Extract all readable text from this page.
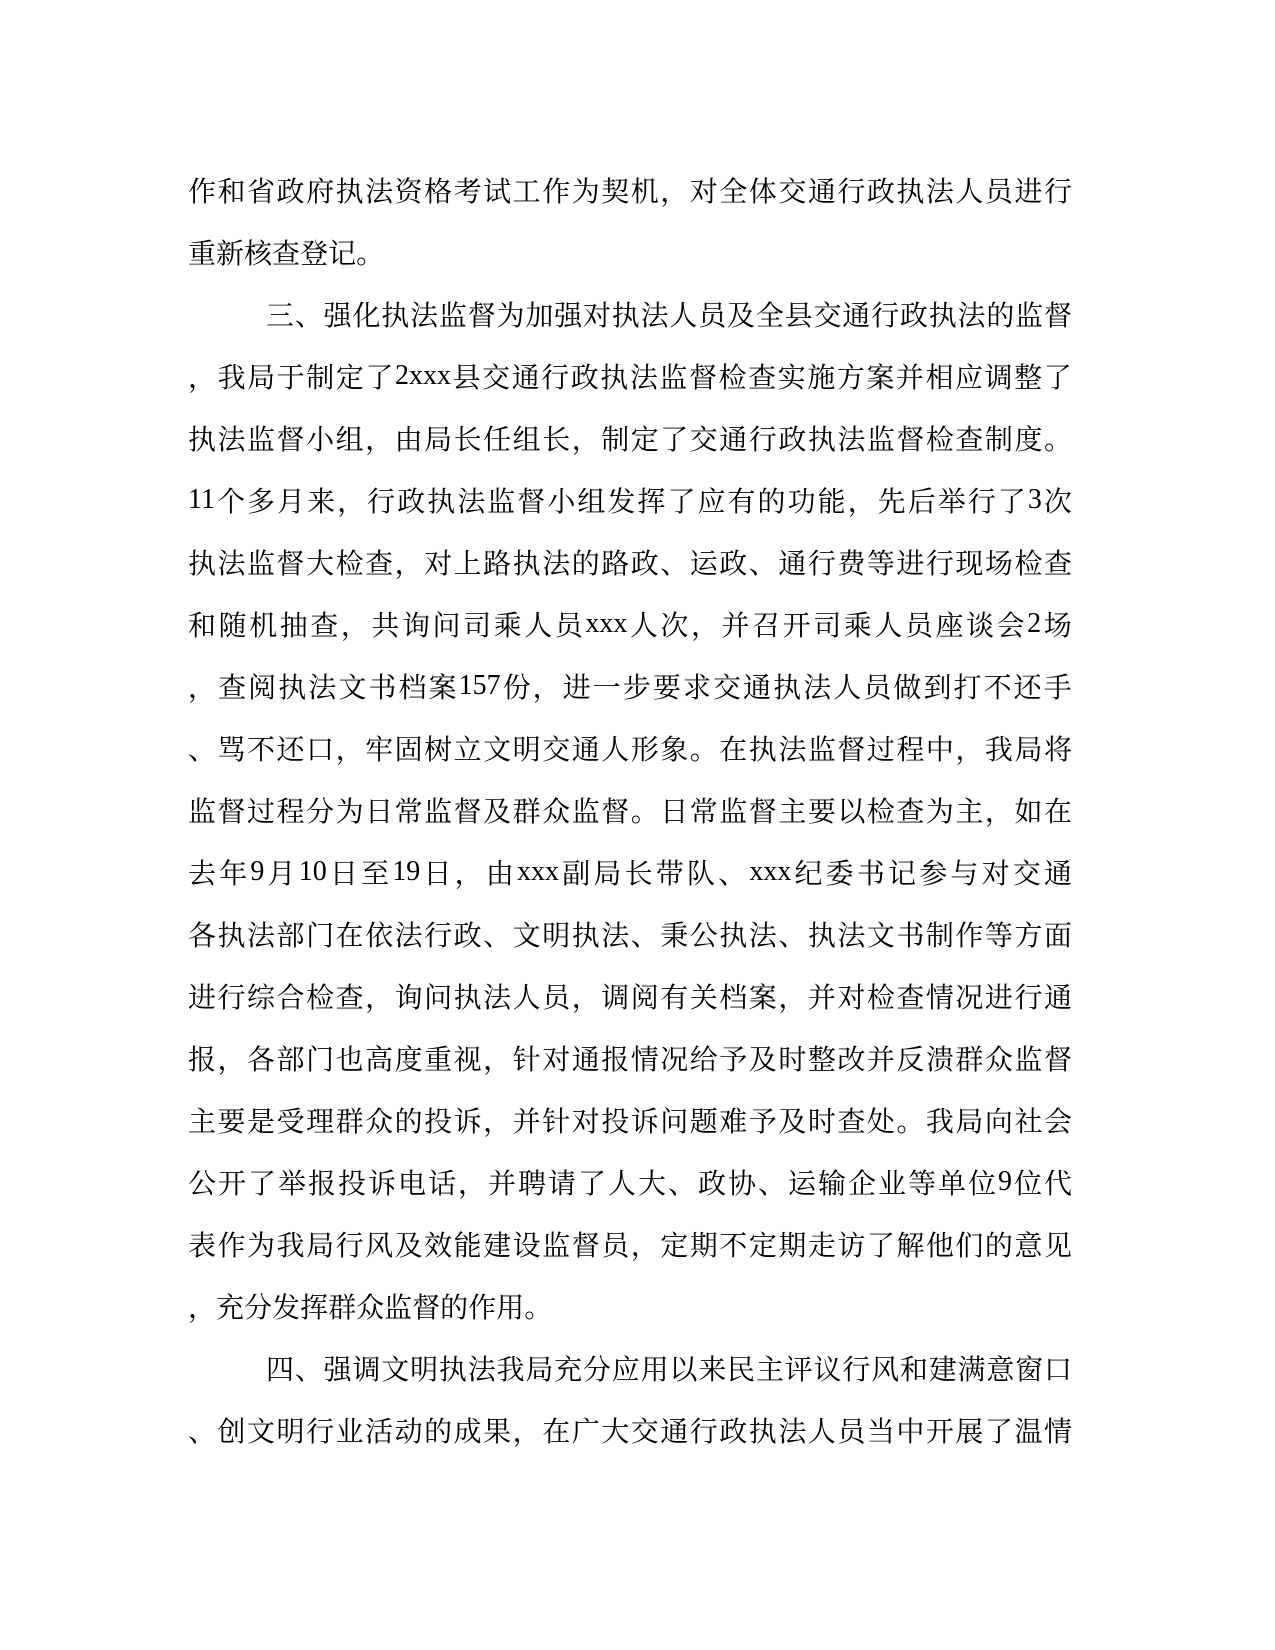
作 和 省 政 府 执 法 资 格 考 试 工 作 为 契 机 ， 对 全 体 交 通 行 政 执 法 人 员 进 行
重 新 核 查 登 记 。
三 、 强 化 执 法 监 督 为 加 强 对 执 法 人 员 及 全 县 交 通 行 政 执 法 的 监 督
， 我 局 于 制 定 了 2xxx 县 交 通 行 政 执 法 监 督 检 查 实 施 方 案 并 相 应 调 整 了
执 法 监 督 小 组 ， 由 局 长 任 组 长 ， 制 定 了 交 通 行 政 执 法 监 督 检 查 制 度 。
11 个 多 月 来 ， 行 政 执 法 监 督 小 组 发 挥 了 应 有 的 功 能 ， 先 后 举 行 了 3 次
执 法 监 督 大 检 查 ， 对 上 路 执 法 的 路 政 、 运 政 、 通 行 费 等 进 行 现 场 检 查
和 随 机 抽 查 ， 共 询 问 司 乘 人 员 xxx 人 次 ， 并 召 开 司 乘 人 员 座 谈 会 2 场
， 查 阅 执 法 文 书 档 案 157 份 ， 进 一 步 要 求 交 通 执 法 人 员 做 到 打 不 还 手
、 骂 不 还 口 ， 牢 固 树 立 文 明 交 通 人 形 象 。 在 执 法 监 督 过 程 中 ， 我 局 将
监 督 过 程 分 为 日 常 监 督 及 群 众 监 督 。 日 常 监 督 主 要 以 检 查 为 主 ， 如 在
去 年 9 月 10 日 至 19 日 ， 由 xxx 副 局 长 带 队 、 xxx 纪 委 书 记 参 与 对 交 通
各 执 法 部 门 在 依 法 行 政 、 文 明 执 法 、 秉 公 执 法 、 执 法 文 书 制 作 等 方 面
进 行 综 合 检 查 ， 询 问 执 法 人 员 ， 调 阅 有 关 档 案 ， 并 对 检 查 情 况 进 行 通
报 ， 各 部 门 也 高 度 重 视 ， 针 对 通 报 情 况 给 予 及 时 整 改 并 反 溃 群 众 监 督
主 要 是 受 理 群 众 的 投 诉 ， 并 针 对 投 诉 问 题 难 予 及 时 查 处 。 我 局 向 社 会
公 开 了 举 报 投 诉 电 话 ， 并 聘 请 了 人 大 、 政 协 、 运 输 企 业 等 单 位 9 位 代
表 作 为 我 局 行 风 及 效 能 建 设 监 督 员 ， 定 期 不 定 期 走 访 了 解 他 们 的 意 见
， 充 分 发 挥 群 众 监 督 的 作 用 。
四 、 强 调 文 明 执 法 我 局 充 分 应 用 以 来 民 主 评 议 行 风 和 建 满 意 窗 口
、 创 文 明 行 业 活 动 的 成 果 ， 在 广 大 交 通 行 政 执 法 人 员 当 中 开 展 了 温 情
